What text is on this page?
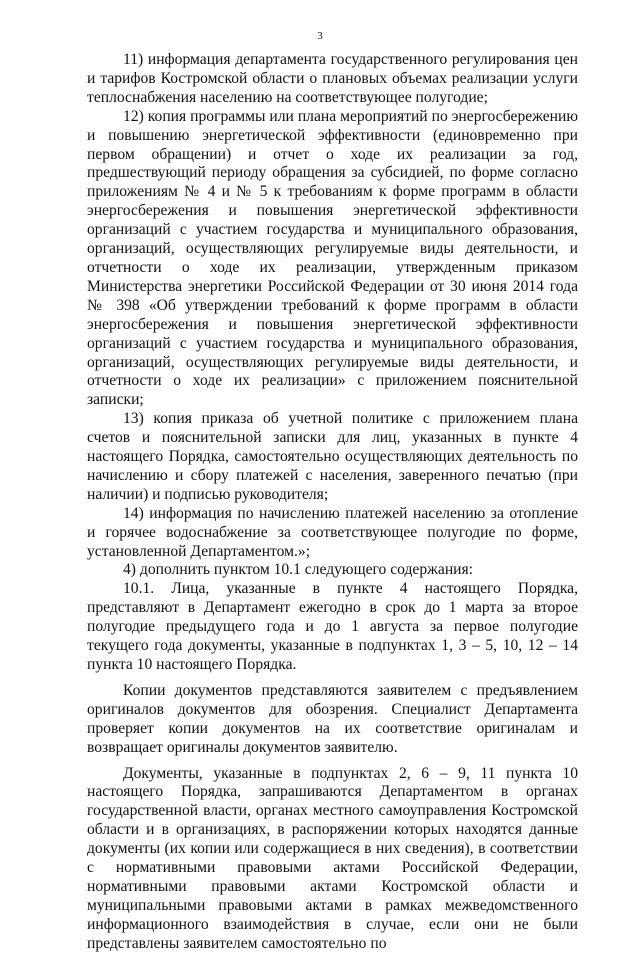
3

11) информация департамента государственного регулирования цен и тарифов Костромской области о плановых объемах реализации услуги теплоснабжения населению на соответствующее полугодие;

12) копия программы или плана мероприятий по энергосбережению и повышению энергетической эффективности (единовременно при первом обращении) и отчет о ходе их реализации за год, предшествующий периоду обращения за субсидией, по форме согласно приложениям № 4 и № 5 к требованиям к форме программ в области энергосбережения и повышения энергетической эффективности организаций с участием государства и муниципального образования, организаций, осуществляющих регулируемые виды деятельности, и отчетности о ходе их реализации, утвержденным приказом Министерства энергетики Российской Федерации от 30 июня 2014 года № 398 «Об утверждении требований к форме программ в области энергосбережения и повышения энергетической эффективности организаций с участием государства и муниципального образования, организаций, осуществляющих регулируемые виды деятельности, и отчетности о ходе их реализации» с приложением пояснительной записки;

13) копия приказа об учетной политике с приложением плана счетов и пояснительной записки для лиц, указанных в пункте 4 настоящего Порядка, самостоятельно осуществляющих деятельность по начислению и сбору платежей с населения, заверенного печатью (при наличии) и подписью руководителя;

14) информация по начислению платежей населению за отопление и горячее водоснабжение за соответствующее полугодие по форме, установленной Департаментом.»;

4) дополнить пунктом 10.1 следующего содержания:

10.1. Лица, указанные в пункте 4 настоящего Порядка, представляют в Департамент ежегодно в срок до 1 марта за второе полугодие предыдущего года и до 1 августа за первое полугодие текущего года документы, указанные в подпунктах 1, 3 – 5, 10, 12 – 14 пункта 10 настоящего Порядка.

Копии документов представляются заявителем с предъявлением оригиналов документов для обозрения. Специалист Департамента проверяет копии документов на их соответствие оригиналам и возвращает оригиналы документов заявителю.

Документы, указанные в подпунктах 2, 6 – 9, 11 пункта 10 настоящего Порядка, запрашиваются Департаментом в органах государственной власти, органах местного самоуправления Костромской области и в организациях, в распоряжении которых находятся данные документы (их копии или содержащиеся в них сведения), в соответствии с нормативными правовыми актами Российской Федерации, нормативными правовыми актами Костромской области и муниципальными правовыми актами в рамках межведомственного информационного взаимодействия в случае, если они не были представлены заявителем самостоятельно по
